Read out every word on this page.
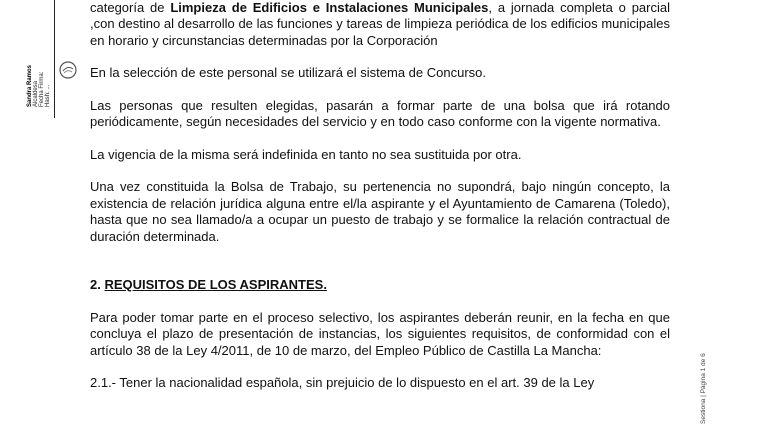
Sandra Ramos
Alcaldesa
Fecha Firma:
Hash: ...
Sestiona | Página 1 de 6

categoría de Limpieza de Edificios e Instalaciones Municipales, a jornada completa o parcial ,con destino al desarrollo de las funciones y tareas de limpieza periódica de los edificios municipales en horario y circunstancias determinadas por la Corporación

En la selección de este personal se utilizará el sistema de Concurso.

Las personas que resulten elegidas, pasarán a formar parte de una bolsa que irá rotando periódicamente, según necesidades del servicio y en todo caso conforme con la vigente normativa.

La vigencia de la misma será indefinida en tanto no sea sustituida por otra.

Una vez constituida la Bolsa de Trabajo, su pertenencia no supondrá, bajo ningún concepto, la existencia de relación jurídica alguna entre el/la aspirante y el Ayuntamiento de Camarena (Toledo), hasta que no sea llamado/a a ocupar un puesto de trabajo y se formalice la relación contractual de duración determinada.

2. REQUISITOS DE LOS ASPIRANTES.

Para poder tomar parte en el proceso selectivo, los aspirantes deberán reunir, en la fecha en que concluya el plazo de presentación de instancias, los siguientes requisitos, de conformidad con el artículo 38 de la Ley 4/2011, de 10 de marzo, del Empleo Público de Castilla La Mancha:

2.1.- Tener la nacionalidad española, sin prejuicio de lo dispuesto en el art. 39 de la Ley
